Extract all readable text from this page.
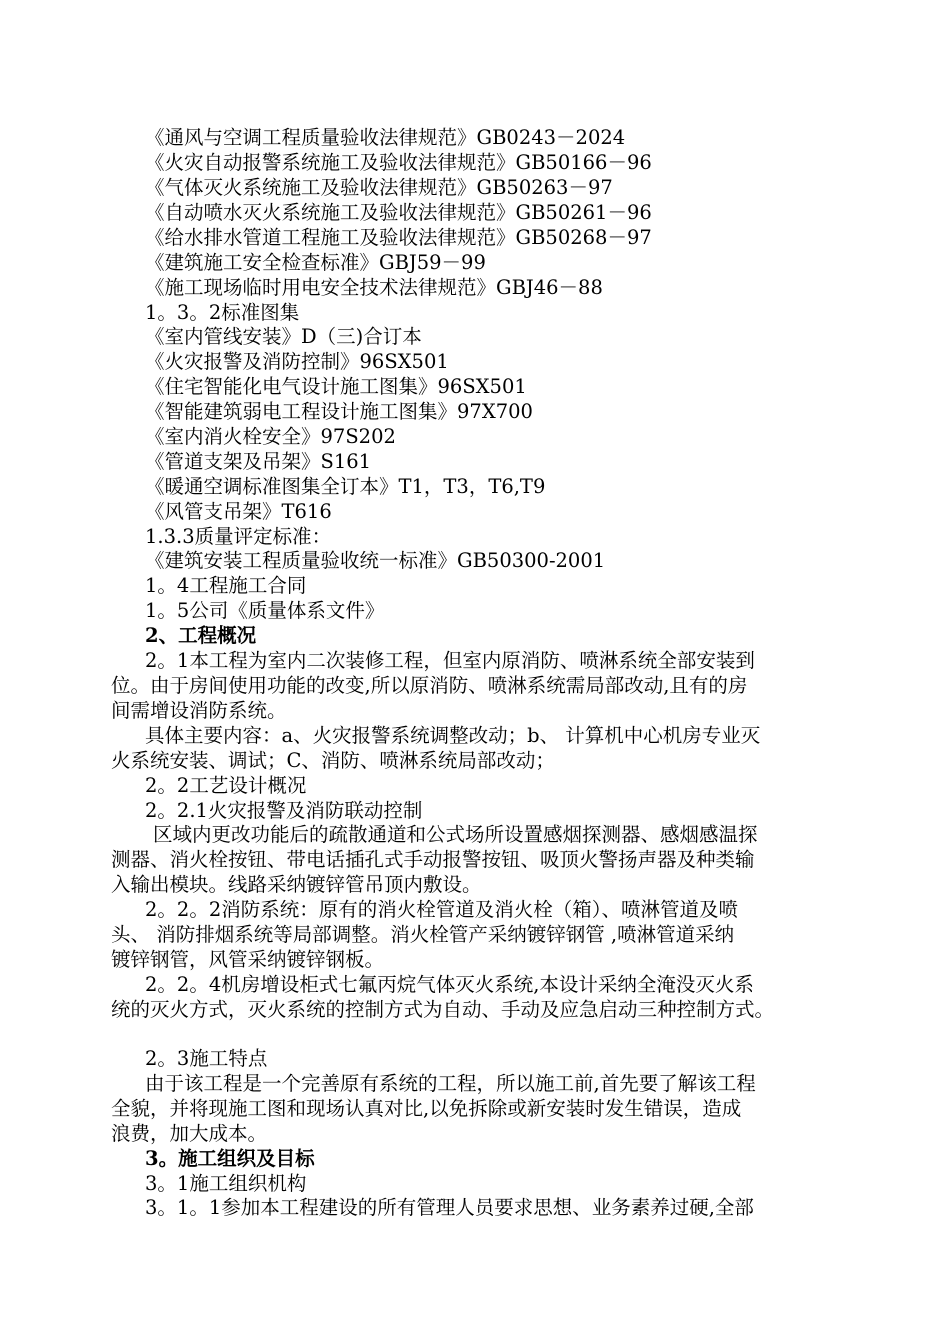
《通风与空调工程质量验收法律规范》GB0243－2024
《火灾自动报警系统施工及验收法律规范》GB50166－96
《气体灭火系统施工及验收法律规范》GB50263－97
《自动喷水灭火系统施工及验收法律规范》GB50261－96
《给水排水管道工程施工及验收法律规范》GB50268－97
《建筑施工安全检查标准》GBJ59－99
《施工现场临时用电安全技术法律规范》GBJ46－88
1。3。2标准图集
《室内管线安装》D（三)合订本
《火灾报警及消防控制》96SX501
《住宅智能化电气设计施工图集》96SX501
《智能建筑弱电工程设计施工图集》97X700
《室内消火栓安全》97S202
《管道支架及吊架》S161
《暖通空调标准图集全订本》T1，T3，T6,T9
《风管支吊架》T616
1.3.3质量评定标准：
《建筑安装工程质量验收统一标准》GB50300-2001
1。4工程施工合同
1。5公司《质量体系文件》
2、工程概况
2。1本工程为室内二次装修工程，但室内原消防、喷淋系统全部安装到
位。由于房间使用功能的改变,所以原消防、喷淋系统需局部改动,且有的房
间需增设消防系统。
具体主要内容：a、火灾报警系统调整改动；b、 计算机中心机房专业灭
火系统安装、调试；C、消防、喷淋系统局部改动；
2。2工艺设计概况
2。2.1火灾报警及消防联动控制
区域内更改功能后的疏散通道和公式场所设置感烟探测器、感烟感温探
测器、消火栓按钮、带电话插孔式手动报警按钮、吸顶火警扬声器及种类输
入输出模块。线路采纳镀锌管吊顶内敷设。
2。2。2消防系统：原有的消火栓管道及消火栓（箱）、喷淋管道及喷
头、 消防排烟系统等局部调整。消火栓管产采纳镀锌钢管 ,喷淋管道采纳
镀锌钢管，风管采纳镀锌钢板。
2。2。4机房增设柜式七氟丙烷气体灭火系统,本设计采纳全淹没灭火系
统的灭火方式，灭火系统的控制方式为自动、手动及应急启动三种控制方式。
2。3施工特点
由于该工程是一个完善原有系统的工程，所以施工前,首先要了解该工程
全貌，并将现施工图和现场认真对比,以免拆除或新安装时发生错误，造成
浪费，加大成本。
3。施工组织及目标
3。1施工组织机构
3。1。1参加本工程建设的所有管理人员要求思想、业务素养过硬,全部
